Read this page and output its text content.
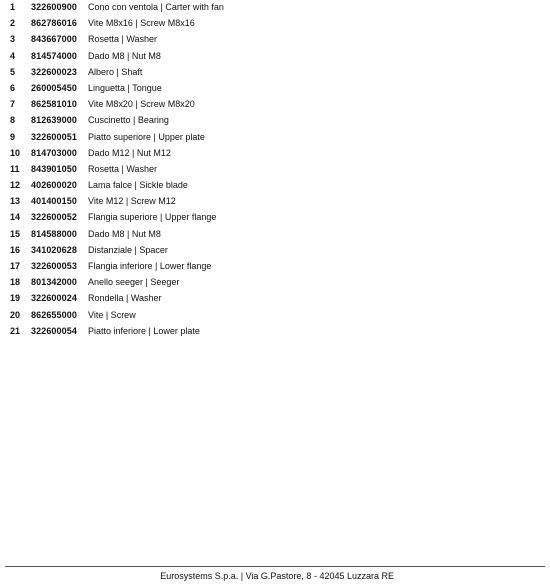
1 322600900 Cono con ventola | Carter with fan
2 862786016 Vite M8x16 | Screw M8x16
3 843667000 Rosetta | Washer
4 814574000 Dado M8 | Nut M8
5 322600023 Albero | Shaft
6 260005450 Linguetta | Tongue
7 862581010 Vite M8x20 | Screw M8x20
8 812639000 Cuscinetto | Bearing
9 322600051 Piatto superiore | Upper plate
10 814703000 Dado M12 | Nut M12
11 843901050 Rosetta | Washer
12 402600020 Lama falce | Sickle blade
13 401400150 Vite M12 | Screw M12
14 322600052 Flangia superiore | Upper flange
15 814588000 Dado M8 | Nut M8
16 341020628 Distanziale | Spacer
17 322600053 Flangia inferiore | Lower flange
18 801342000 Anello seeger | Seeger
19 322600024 Rondella | Washer
20 862655000 Vite | Screw
21 322600054 Piatto inferiore | Lower plate
Eurosystems S.p.a. | Via G.Pastore, 8 - 42045 Luzzara RE
